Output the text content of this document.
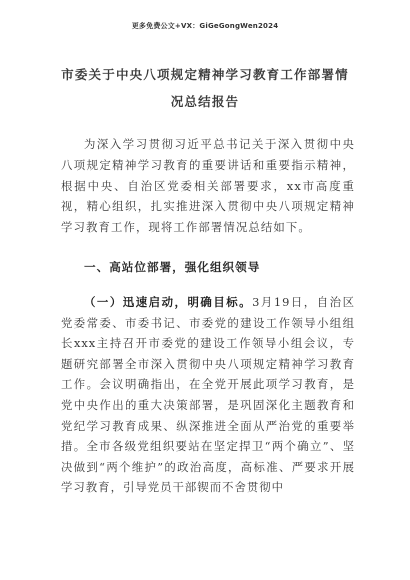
更多免费公文+VX：GiGeGongWen2024
市委关于中央八项规定精神学习教育工作部署情况总结报告

为深入学习贯彻习近平总书记关于深入贯彻中央八项规定精神学习教育的重要讲话和重要指示精神，根据中央、自治区党委相关部署要求，xx市高度重视，精心组织，扎实推进深入贯彻中央八项规定精神学习教育工作，现将工作部署情况总结如下。

一、高站位部署，强化组织领导

（一）迅速启动，明确目标。3月19日，自治区党委常委、市委书记、市委党的建设工作领导小组组长xxx主持召开市委党的建设工作领导小组会议，专题研究部署全市深入贯彻中央八项规定精神学习教育工作。会议明确指出，在全党开展此项学习教育，是党中央作出的重大决策部署，是巩固深化主题教育和党纪学习教育成果、纵深推进全面从严治党的重要举措。全市各级党组织要站在坚定捍卫“两个确立”、坚决做到“两个维护”的政治高度，高标准、严要求开展学习教育，引导党员干部锲而不舍贯彻中
